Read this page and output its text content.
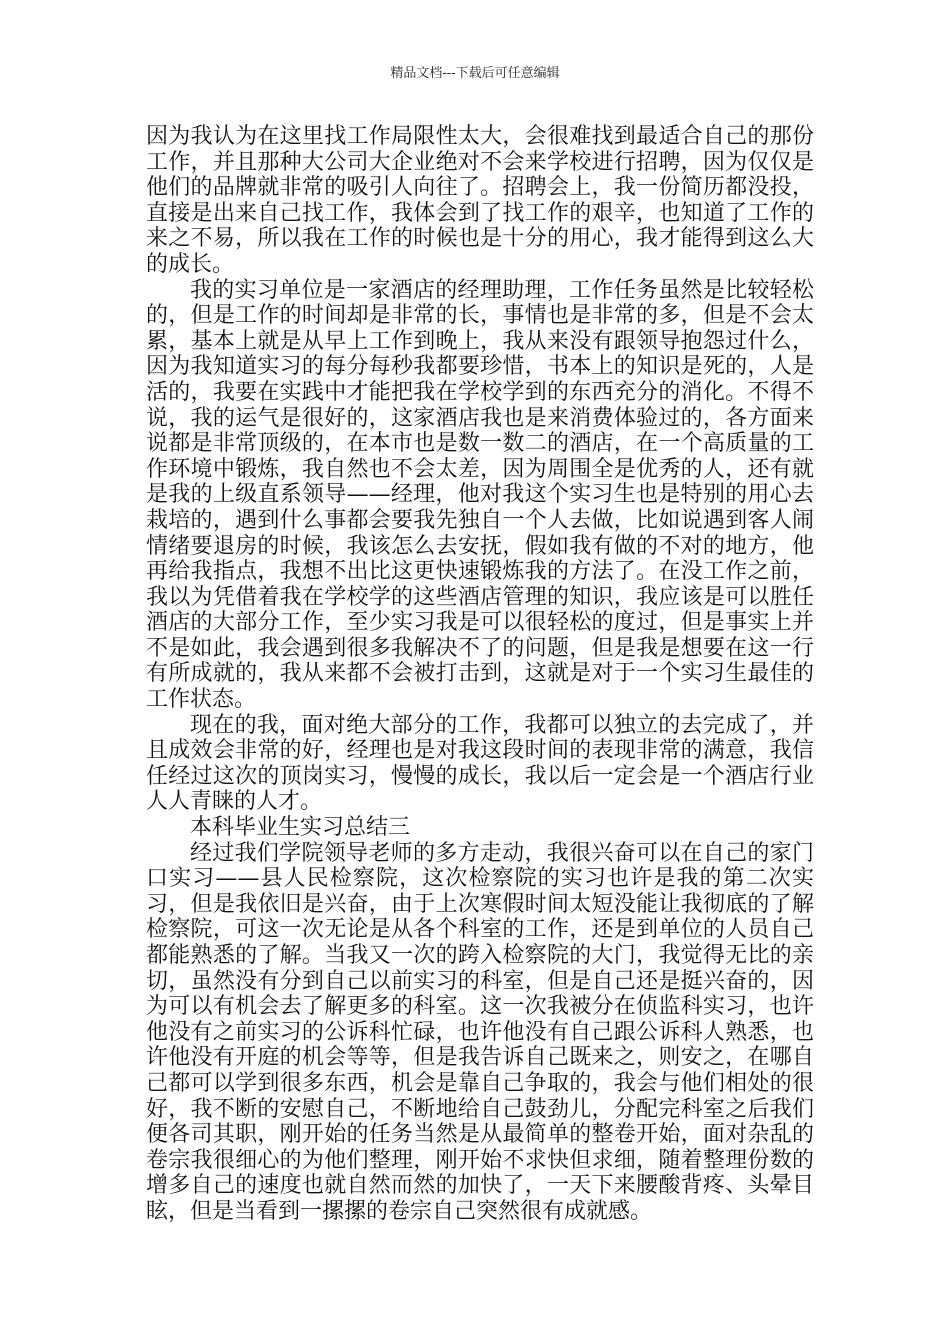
精品文档---下载后可任意编辑

因为我认为在这里找工作局限性太大，会很难找到最适合自己的那份工作，并且那种大公司大企业绝对不会来学校进行招聘，因为仅仅是他们的品牌就非常的吸引人向往了。招聘会上，我一份简历都没投，直接是出来自己找工作，我体会到了找工作的艰辛，也知道了工作的来之不易，所以我在工作的时候也是十分的用心，我才能得到这么大的成长。

我的实习单位是一家酒店的经理助理，工作任务虽然是比较轻松的，但是工作的时间却是非常的长，事情也是非常的多，但是不会太累，基本上就是从早上工作到晚上，我从来没有跟领导抱怨过什么，因为我知道实习的每分每秒我都要珍惜，书本上的知识是死的，人是活的，我要在实践中才能把我在学校学到的东西充分的消化。不得不说，我的运气是很好的，这家酒店我也是来消费体验过的，各方面来说都是非常顶级的，在本市也是数一数二的酒店，在一个高质量的工作环境中锻炼，我自然也不会太差，因为周围全是优秀的人，还有就是我的上级直系领导——经理，他对我这个实习生也是特别的用心去栽培的，遇到什么事都会要我先独自一个人去做，比如说遇到客人闹情绪要退房的时候，我该怎么去安抚，假如我有做的不对的地方，他再给我指点，我想不出比这更快速锻炼我的方法了。在没工作之前，我以为凭借着我在学校学的这些酒店管理的知识，我应该是可以胜任酒店的大部分工作，至少实习我是可以很轻松的度过，但是事实上并不是如此，我会遇到很多我解决不了的问题，但是我是想要在这一行有所成就的，我从来都不会被打击到，这就是对于一个实习生最佳的工作状态。

现在的我，面对绝大部分的工作，我都可以独立的去完成了，并且成效会非常的好，经理也是对我这段时间的表现非常的满意，我信任经过这次的顶岗实习，慢慢的成长，我以后一定会是一个酒店行业人人青睐的人才。

本科毕业生实习总结三

经过我们学院领导老师的多方走动，我很兴奋可以在自己的家门口实习——县人民检察院，这次检察院的实习也许是我的第二次实习，但是我依旧是兴奋，由于上次寒假时间太短没能让我彻底的了解检察院，可这一次无论是从各个科室的工作，还是到单位的人员自己都能熟悉的了解。当我又一次的跨入检察院的大门，我觉得无比的亲切，虽然没有分到自己以前实习的科室，但是自己还是挺兴奋的，因为可以有机会去了解更多的科室。这一次我被分在侦监科实习，也许他没有之前实习的公诉科忙碌，也许他没有自己跟公诉科人熟悉，也许他没有开庭的机会等等，但是我告诉自己既来之，则安之，在哪自己都可以学到很多东西，机会是靠自己争取的，我会与他们相处的很好，我不断的安慰自己，不断地给自己鼓劲儿，分配完科室之后我们便各司其职，刚开始的任务当然是从最简单的整卷开始，面对杂乱的卷宗我很细心的为他们整理，刚开始不求快但求细，随着整理份数的增多自己的速度也就自然而然的加快了，一天下来腰酸背疼、头晕目眩，但是当看到一摞摞的卷宗自己突然很有成就感。
